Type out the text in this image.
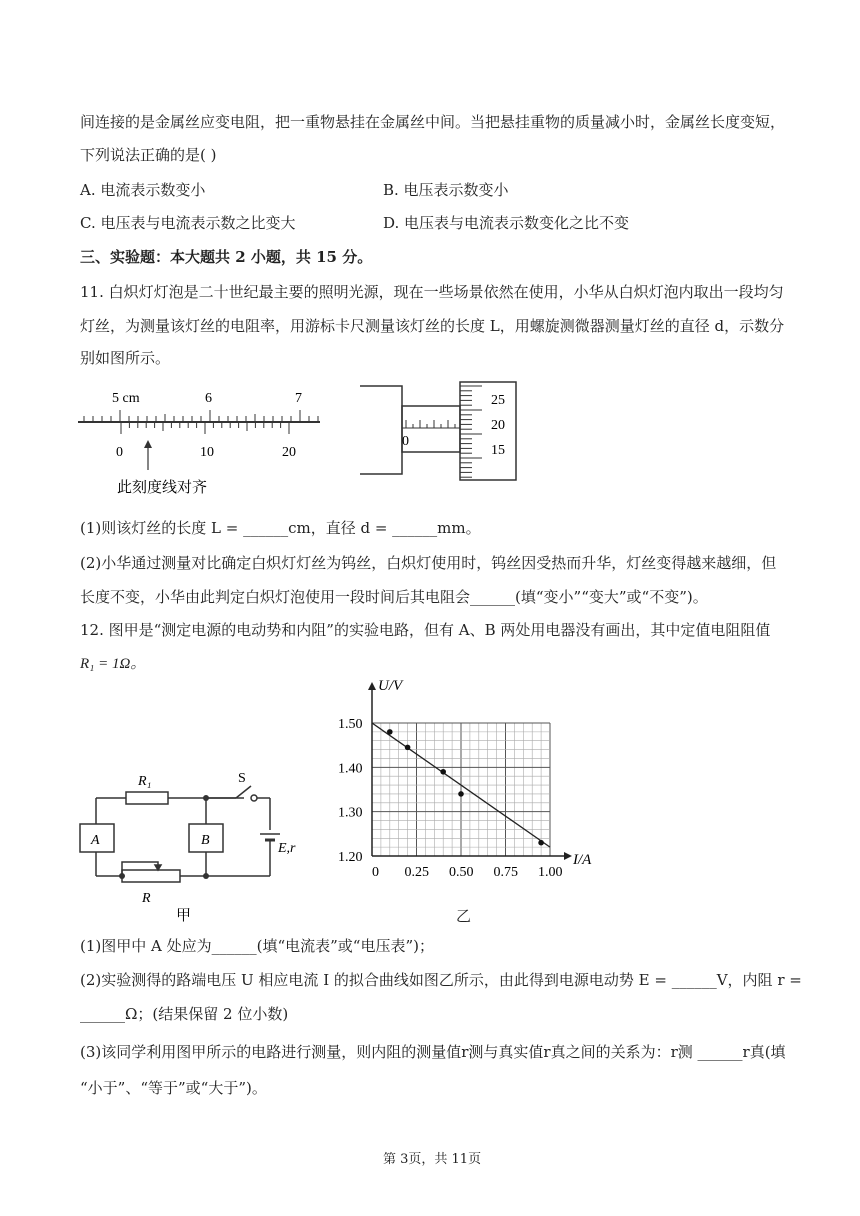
间连接的是金属丝应变电阻，把一重物悬挂在金属丝中间。当把悬挂重物的质量减小时，金属丝长度变短，
下列说法正确的是( )
A. 电流表示数变小	B. 电压表示数变小
C. 电压表与电流表示数之比变大	D. 电压表与电流表示数变化之比不变
三、实验题：本大题共 2 小题，共 15 分。
11. 白炽灯灯泡是二十世纪最主要的照明光源，现在一些场景依然在使用，小华从白炽灯泡内取出一段均匀
灯丝，为测量该灯丝的电阻率，用游标卡尺测量该灯丝的长度 L，用螺旋测微器测量灯丝的直径 d，示数分
别如图所示。
5 cm	6	7
0	10	20
此刻度线对齐
0
25
20
15
(1)则该灯丝的长度 L = ______cm，直径 d = ______mm。
(2)小华通过测量对比确定白炽灯灯丝为钨丝，白炽灯使用时，钨丝因受热而升华，灯丝变得越来越细，但
长度不变，小华由此判定白炽灯泡使用一段时间后其电阻会______(填“变小”“变大”或“不变”)。
12. 图甲是“测定电源的电动势和内阻”的实验电路，但有 A、B 两处用电器没有画出，其中定值电阻阻值
R₁ = 1Ω。
R₁	S
A	B
E,r
R
甲
0 0.25 0.50 0.75 1.00
1.50
1.40
1.30
1.20
U/V
I/A
乙
(1)图甲中 A 处应为______(填“电流表”或“电压表”)；
(2)实验测得的路端电压 U 相应电流 I 的拟合曲线如图乙所示，由此得到电源电动势 E = ______V，内阻 r =
______Ω；(结果保留 2 位小数)
(3)该同学利用图甲所示的电路进行测量，则内阻的测量值r测与真实值r真之间的关系为：r测 ______r真(填
“小于”、“等于”或“大于”)。
第 3页，共 11页
